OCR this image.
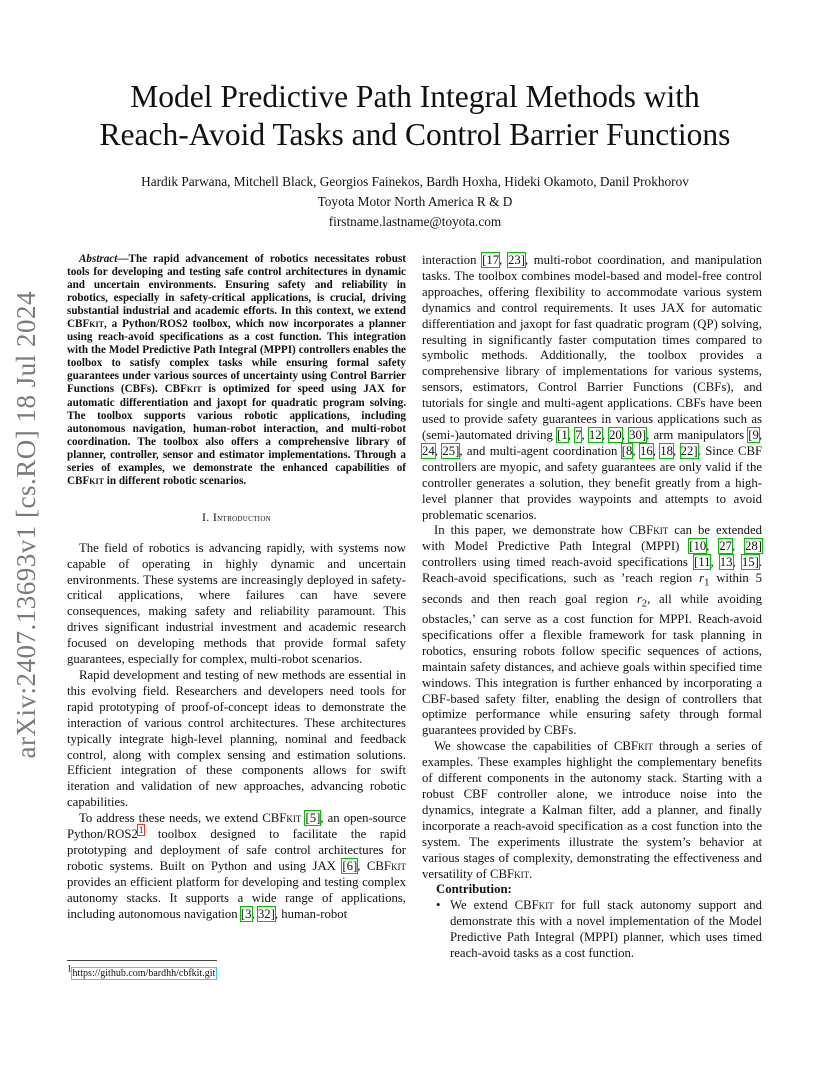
arXiv:2407.13693v1 [cs.RO] 18 Jul 2024
Model Predictive Path Integral Methods with
Reach-Avoid Tasks and Control Barrier Functions
Hardik Parwana, Mitchell Black, Georgios Fainekos, Bardh Hoxha, Hideki Okamoto, Danil Prokhorov
Toyota Motor North America R & D
firstname.lastname@toyota.com
Abstract—The rapid advancement of robotics necessitates robust tools for developing and testing safe control architectures in dynamic and uncertain environments. Ensuring safety and reliability in robotics, especially in safety-critical applications, is crucial, driving substantial industrial and academic efforts. In this context, we extend CBFkit, a Python/ROS2 toolbox, which now incorporates a planner using reach-avoid specifications as a cost function. This integration with the Model Predictive Path Integral (MPPI) controllers enables the toolbox to satisfy complex tasks while ensuring formal safety guarantees under various sources of uncertainty using Control Barrier Functions (CBFs). CBFkit is optimized for speed using JAX for automatic differentiation and jaxopt for quadratic program solving. The toolbox supports various robotic applications, including autonomous navigation, human-robot interaction, and multi-robot coordination. The toolbox also offers a comprehensive library of planner, controller, sensor and estimator implementations. Through a series of examples, we demonstrate the enhanced capabilities of CBFkit in different robotic scenarios.
I. Introduction

The field of robotics is advancing rapidly, with systems now capable of operating in highly dynamic and uncertain environments. These systems are increasingly deployed in safety-critical applications, where failures can have severe consequences, making safety and reliability paramount. This drives significant industrial investment and academic research focused on developing methods that provide formal safety guarantees, especially for complex, multi-robot scenarios.

Rapid development and testing of new methods are essential in this evolving field. Researchers and developers need tools for rapid prototyping of proof-of-concept ideas to demonstrate the interaction of various control architectures. These architectures typically integrate high-level planning, nominal and feedback control, along with complex sensing and estimation solutions. Efficient integration of these components allows for swift iteration and validation of new approaches, advancing robotic capabilities.

To address these needs, we extend CBFkit [5], an open-source Python/$ROS2^1$ toolbox designed to facilitate the rapid prototyping and deployment of safe control architectures for robotic systems. Built on Python and using JAX [6], CBFkit provides an efficient platform for developing and testing complex autonomy stacks. It supports a wide range of applications, including autonomous navigation [3, 32], human-robot

$^1$https://github.com/bardhh/cbfkit.git

interaction [17, 23], multi-robot coordination, and manipulation tasks. The toolbox combines model-based and model-free control approaches, offering flexibility to accommodate various system dynamics and control requirements. It uses JAX for automatic differentiation and jaxopt for fast quadratic program (QP) solving, resulting in significantly faster computation times compared to symbolic methods. Additionally, the toolbox provides a comprehensive library of implementations for various systems, sensors, estimators, Control Barrier Functions (CBFs), and tutorials for single and multi-agent applications. CBFs have been used to provide safety guarantees in various applications such as (semi-)automated driving [1, 7, 12, 20, 30], arm manipulators [9, 24, 25], and multi-agent coordination [8, 16, 18, 22]. Since CBF controllers are myopic, and safety guarantees are only valid if the controller generates a solution, they benefit greatly from a high-level planner that provides waypoints and attempts to avoid problematic scenarios.

In this paper, we demonstrate how CBFkit can be extended with Model Predictive Path Integral (MPPI) [10, 27, 28] controllers using timed reach-avoid specifications [11, 13, 15]. Reach-avoid specifications, such as ’reach region $r_1$ within 5 seconds and then reach goal region $r_2$, all while avoiding obstacles,’ can serve as a cost function for MPPI. Reach-avoid specifications offer a flexible framework for task planning in robotics, ensuring robots follow specific sequences of actions, maintain safety distances, and achieve goals within specified time windows. This integration is further enhanced by incorporating a CBF-based safety filter, enabling the design of controllers that optimize performance while ensuring safety through formal guarantees provided by CBFs.

We showcase the capabilities of CBFkit through a series of examples. These examples highlight the complementary benefits of different components in the autonomy stack. Starting with a robust CBF controller alone, we introduce noise into the dynamics, integrate a Kalman filter, add a planner, and finally incorporate a reach-avoid specification as a cost function into the system. The experiments illustrate the system’s behavior at various stages of complexity, demonstrating the effectiveness and versatility of CBFkit.

Contribution:

• We extend CBFkit for full stack autonomy support and demonstrate this with a novel implementation of the Model Predictive Path Integral (MPPI) planner, which uses timed reach-avoid tasks as a cost function.
